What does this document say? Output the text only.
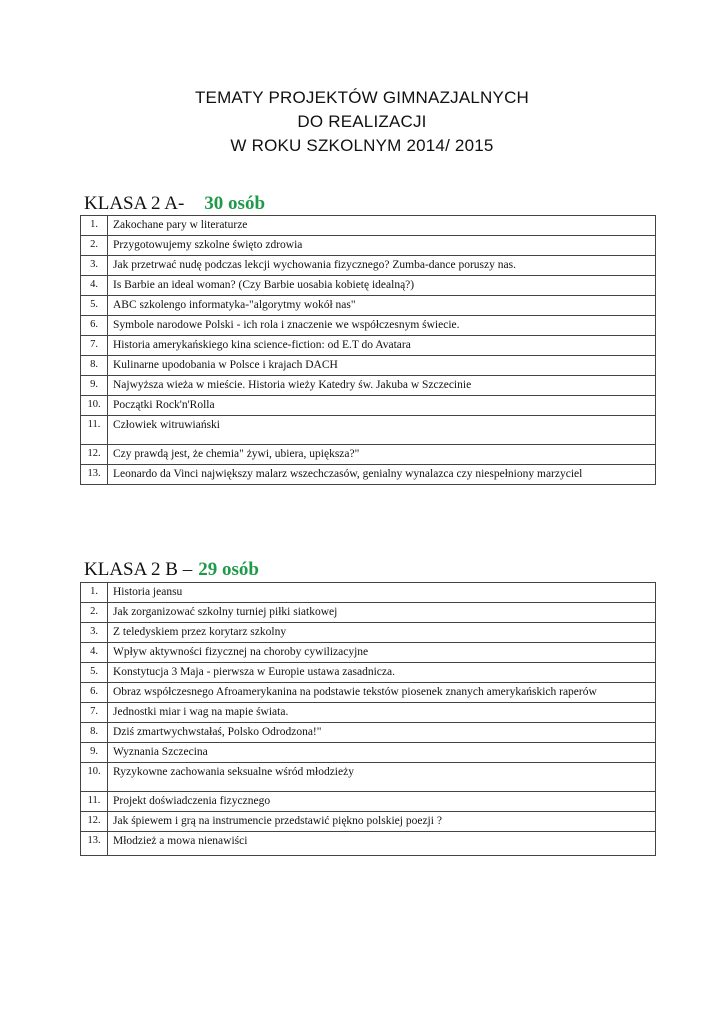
TEMATY PROJEKTÓW GIMNAZJALNYCH
DO REALIZACJI
W ROKU SZKOLNYM 2014/ 2015
KLASA 2 A- 30 osób
1.	Zakochane pary w literaturze
2.	Przygotowujemy szkolne święto zdrowia
3.	Jak przetrwać nudę podczas lekcji wychowania fizycznego? Zumba-dance poruszy nas.
4.	Is Barbie an ideal woman? (Czy Barbie uosabia kobietę idealną?)
5.	ABC szkolengo informatyka-"algorytmy wokół nas"
6.	Symbole narodowe Polski - ich rola i znaczenie we współczesnym świecie.
7.	Historia amerykańskiego kina science-fiction: od E.T do Avatara
8.	Kulinarne upodobania w Polsce i krajach DACH
9.	Najwyższa wieża w mieście. Historia wieży Katedry św. Jakuba w Szczecinie
10.	Początki Rock'n'Rolla
11.	Człowiek witruwiański
12.	Czy prawdą jest, że chemia" żywi, ubiera, upiększa?"
13.	Leonardo da Vinci największy malarz wszechczasów, genialny wynalazca czy niespełniony marzyciel
KLASA 2 B – 29 osób
1.	Historia jeansu
2.	Jak zorganizować szkolny turniej piłki siatkowej
3.	Z teledyskiem przez korytarz szkolny
4.	Wpływ aktywności fizycznej na choroby cywilizacyjne
5.	Konstytucja 3 Maja - pierwsza w Europie ustawa zasadnicza.
6.	Obraz współczesnego Afroamerykanina na podstawie tekstów piosenek znanych amerykańskich raperów
7.	Jednostki miar i wag na mapie świata.
8.	Dziś zmartwychwstałaś, Polsko Odrodzona!"
9.	Wyznania Szczecina
10.	Ryzykowne zachowania seksualne wśród młodzieży
11.	Projekt doświadczenia fizycznego
12.	Jak śpiewem i grą na instrumencie przedstawić piękno polskiej poezji ?
13.	Młodzież a mowa nienawiści
